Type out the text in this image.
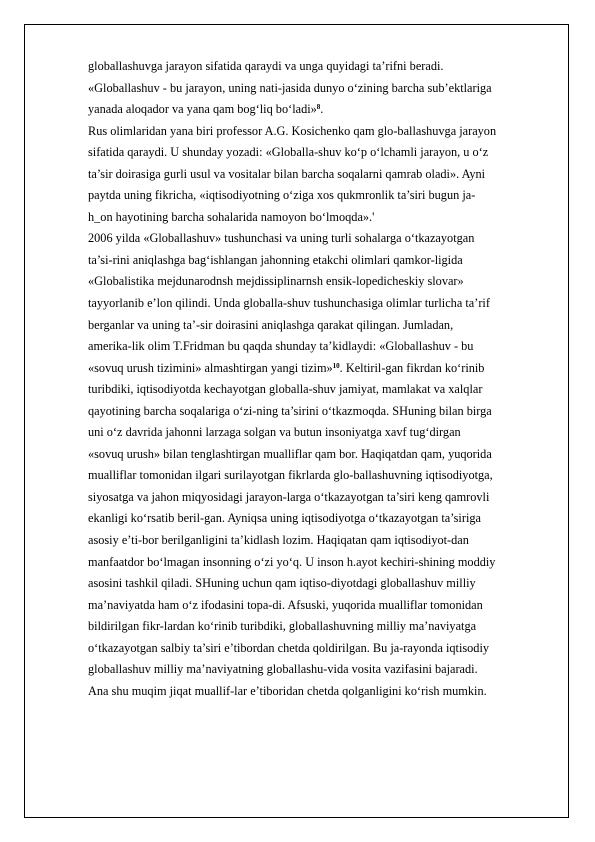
globallashuvga jarayon sifatida qaraydi va unga quyidagi ta’rifni beradi.
«Globallashuv - bu jarayon, uning nati-jasida dunyo o‘zining barcha sub’ektlariga
yanada aloqador va yana qam bog‘liq bo‘ladi»$^8$.
Rus olimlaridan yana biri professor A.G. Kosichenko qam glo-ballashuvga jarayon
sifatida qaraydi. U shunday yozadi: «Globalla-shuv ko‘p o‘lchamli jarayon, u o‘z
ta’sir doirasiga gurli usul va vositalar bilan barcha soqalarni qamrab oladi». Ayni
paytda uning fikricha, «iqtisodiyotning o‘ziga xos qukmronlik ta’siri bugun ja-
h_on hayotining barcha sohalarida namoyon bo‘lmoqda».'
2006 yilda «Globallashuv» tushunchasi va uning turli sohalarga o‘tkazayotgan
ta’si-rini aniqlashga bag‘ishlangan jahonning etakchi olimlari qamkor-ligida
«Globalistika mejdunarodnsh mejdissiplinarnsh ensik-lopedicheskiy slovar»
tayyorlanib e’lon qilindi. Unda globalla-shuv tushunchasiga olimlar turlicha ta’rif
berganlar va uning ta’-sir doirasini aniqlashga qarakat qilingan. Jumladan,
amerika-lik olim T.Fridman bu qaqda shunday ta’kidlaydi: «Globallashuv - bu
«sovuq urush tizimini» almashtirgan yangi tizim»$^{10}$. Keltiril-gan fikrdan ko‘rinib
turibdiki, iqtisodiyotda kechayotgan globalla-shuv jamiyat, mamlakat va xalqlar
qayotining barcha soqalariga o‘zi-ning ta’sirini o‘tkazmoqda. SHuning bilan birga
uni o‘z davrida jahonni larzaga solgan va butun insoniyatga xavf tug‘dirgan
«sovuq urush» bilan tenglashtirgan mualliflar qam bor. Haqiqatdan qam, yuqorida
mualliflar tomonidan ilgari surilayotgan fikrlarda glo-ballashuvning iqtisodiyotga,
siyosatga va jahon miqyosidagi jarayon-larga o‘tkazayotgan ta’siri keng qamrovli
ekanligi ko‘rsatib beril-gan. Ayniqsa uning iqtisodiyotga o‘tkazayotgan ta’siriga
asosiy e’ti-bor berilganligini ta’kidlash lozim. Haqiqatan qam iqtisodiyot-dan
manfaatdor bo‘lmagan insonning o‘zi yo‘q. U inson h.ayot kechiri-shining moddiy
asosini tashkil qiladi. SHuning uchun qam iqtiso-diyotdagi globallashuv milliy
ma’naviyatda ham o‘z ifodasini topa-di. Afsuski, yuqorida mualliflar tomonidan
bildirilgan fikr-lardan ko‘rinib turibdiki, globallashuvning milliy ma’naviyatga
o‘tkazayotgan salbiy ta’siri e’tibordan chetda qoldirilgan. Bu ja-rayonda iqtisodiy
globallashuv milliy ma’naviyatning globallashu-vida vosita vazifasini bajaradi.
Ana shu muqim jiqat muallif-lar e’tiboridan chetda qolganligini ko‘rish mumkin.
